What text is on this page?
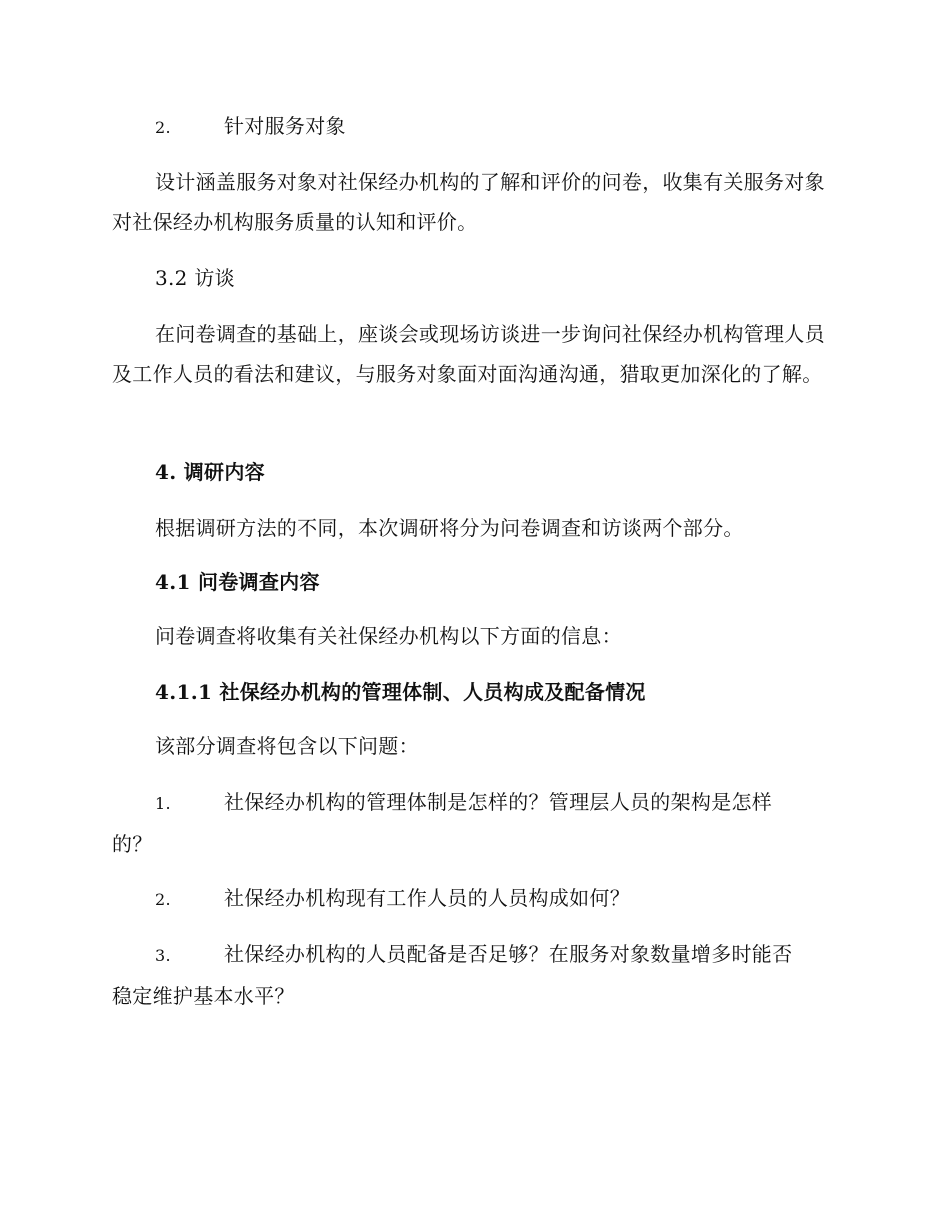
2.	针对服务对象
设计涵盖服务对象对社保经办机构的了解和评价的问卷，收集有关服务对象对社保经办机构服务质量的认知和评价。
3.2 访谈
在问卷调查的基础上，座谈会或现场访谈进一步询问社保经办机构管理人员及工作人员的看法和建议，与服务对象面对面沟通沟通，猎取更加深化的了解。
4. 调研内容
根据调研方法的不同，本次调研将分为问卷调查和访谈两个部分。
4.1 问卷调查内容
问卷调查将收集有关社保经办机构以下方面的信息：
4.1.1 社保经办机构的管理体制、人员构成及配备情况
该部分调查将包含以下问题：
1.	社保经办机构的管理体制是怎样的？管理层人员的架构是怎样
的？
2.	社保经办机构现有工作人员的人员构成如何？
3.	社保经办机构的人员配备是否足够？在服务对象数量增多时能否
稳定维护基本水平？
